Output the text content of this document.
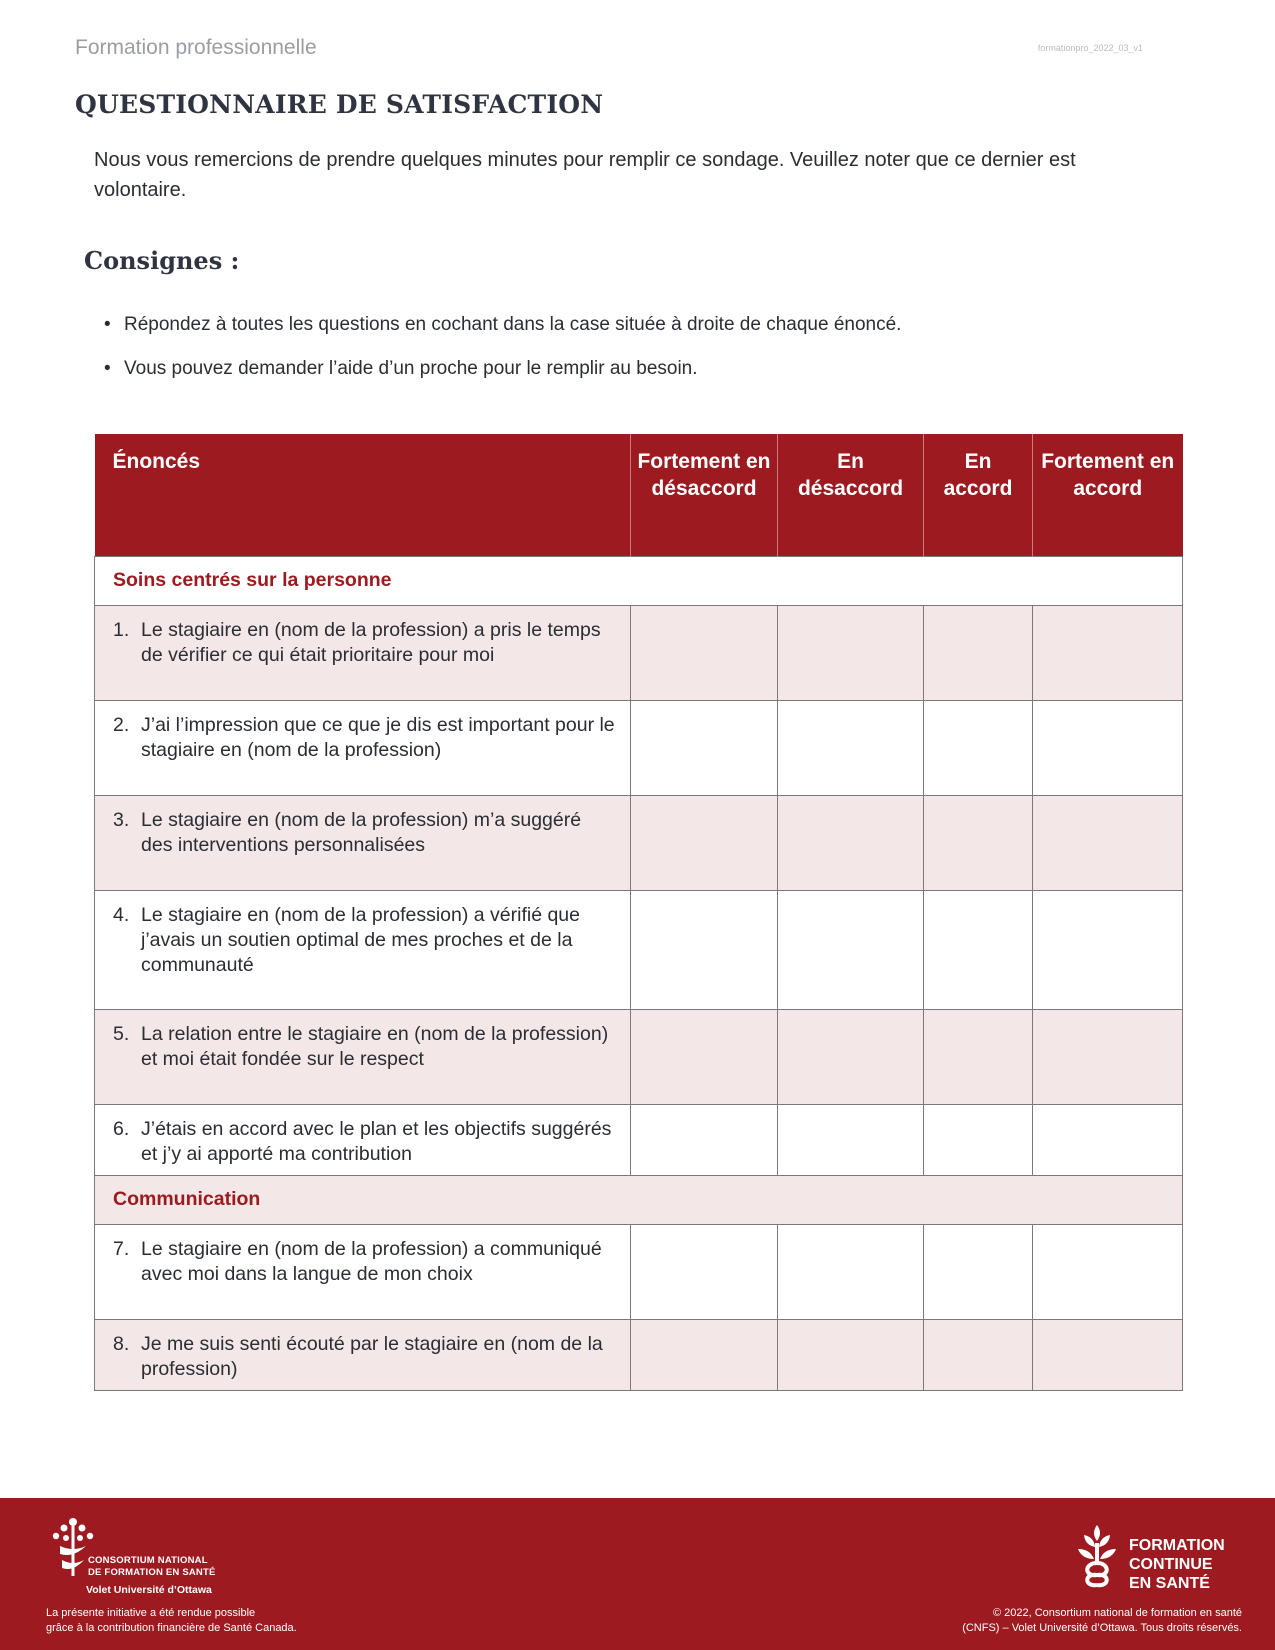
Formation professionnelle	formationpro_2022_03_v1
QUESTIONNAIRE DE SATISFACTION

Nous vous remercions de prendre quelques minutes pour remplir ce sondage. Veuillez noter que ce dernier est volontaire.

Consignes :
• Répondez à toutes les questions en cochant dans la case située à droite de chaque énoncé.
• Vous pouvez demander l’aide d’un proche pour le remplir au besoin.
Énoncés	Fortement en désaccord	En désaccord	En accord	Fortement en accord
Soins centrés sur la personne				

1. Le stagiaire en (nom de la profession) a pris le temps de vérifier ce qui était prioritaire pour moi				

2. J’ai l’impression que ce que je dis est important pour le stagiaire en (nom de la profession)				

3. Le stagiaire en (nom de la profession) m’a suggéré des interventions personnalisées				

4. Le stagiaire en (nom de la profession) a vérifié que j’avais un soutien optimal de mes proches et de la communauté				

5. La relation entre le stagiaire en (nom de la profession) et moi était fondée sur le respect				

6. J’étais en accord avec le plan et les objectifs suggérés et j’y ai apporté ma contribution				

Communication				

7. Le stagiaire en (nom de la profession) a communiqué avec moi dans la langue de mon choix				

8. Je me suis senti écouté par le stagiaire en (nom de la profession)				

CONSORTIUM NATIONAL
DE FORMATION EN SANTÉ
Volet Université d’Ottawa
La présente initiative a été rendue possible
grâce à la contribution financière de Santé Canada.
FORMATION
CONTINUE
EN SANTÉ
© 2022, Consortium national de formation en santé
(CNFS) – Volet Université d’Ottawa. Tous droits réservés.
